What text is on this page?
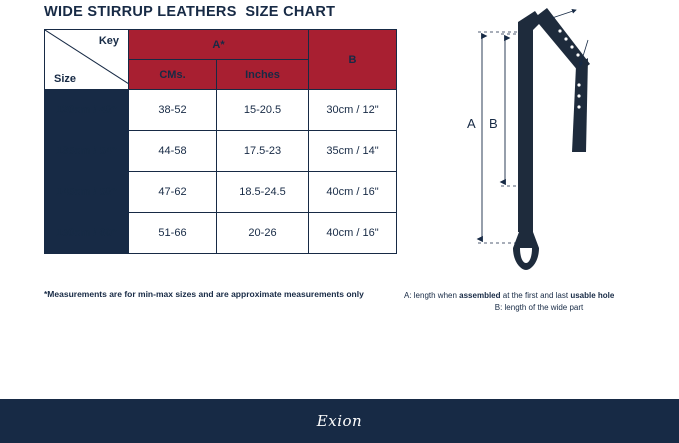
WIDE STIRRUP LEATHERS  SIZE CHART
Key
Size	A*		B
	CMs.	Inches	
120cm / 48"	38-52	15-20.5	30cm / 12"
135cm / 54"	44-58	17.5-23	35cm / 14"
145cm / 58"	47-62	18.5-24.5	40cm / 16"
150cm / 60"	51-66	20-26	40cm / 16"
*Measurements are for min-max sizes and are approximate measurements only
A B
A: length when assembled at the first and last usable hole
B: length of the wide part
Exion
